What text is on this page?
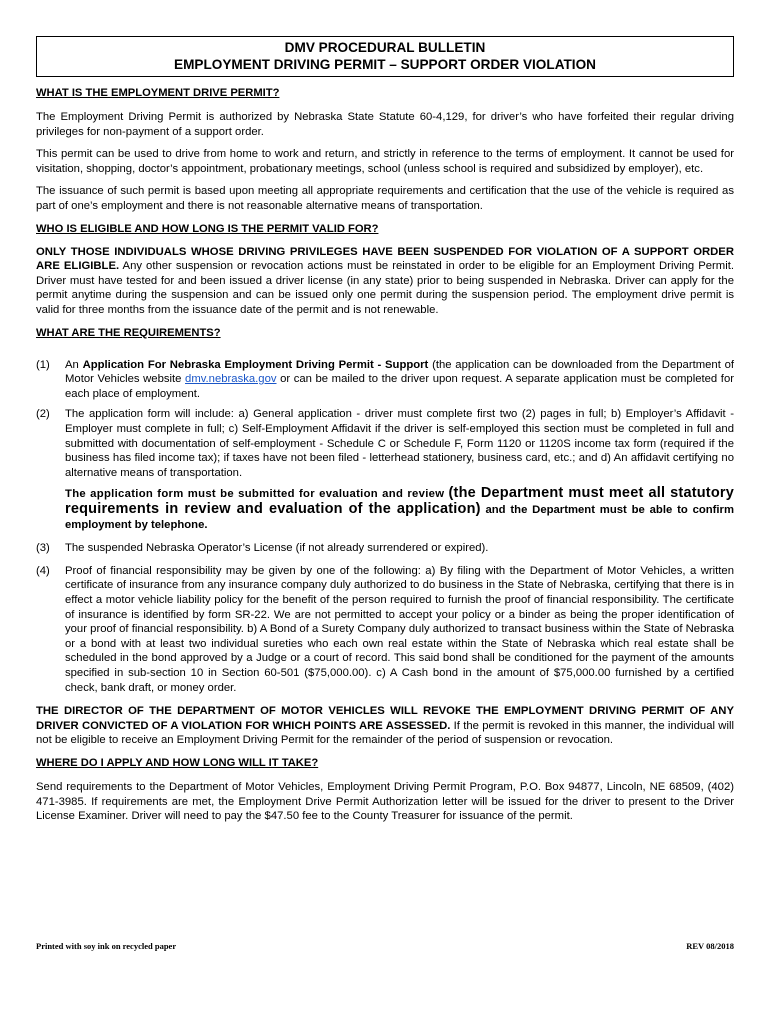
DMV PROCEDURAL BULLETIN
EMPLOYMENT DRIVING PERMIT – SUPPORT ORDER VIOLATION
WHAT IS THE EMPLOYMENT DRIVE PERMIT?

The Employment Driving Permit is authorized by Nebraska State Statute 60-4,129, for driver’s who have forfeited their regular driving privileges for non-payment of a support order.

This permit can be used to drive from home to work and return, and strictly in reference to the terms of employment. It cannot be used for visitation, shopping, doctor’s appointment, probationary meetings, school (unless school is required and subsidized by employer), etc.

The issuance of such permit is based upon meeting all appropriate requirements and certification that the use of the vehicle is required as part of one’s employment and there is not reasonable alternative means of transportation.

WHO IS ELIGIBLE AND HOW LONG IS THE PERMIT VALID FOR?

ONLY THOSE INDIVIDUALS WHOSE DRIVING PRIVILEGES HAVE BEEN SUSPENDED FOR VIOLATION OF A SUPPORT ORDER ARE ELIGIBLE. Any other suspension or revocation actions must be reinstated in order to be eligible for an Employment Driving Permit. Driver must have tested for and been issued a driver license (in any state) prior to being suspended in Nebraska. Driver can apply for the permit anytime during the suspension and can be issued only one permit during the suspension period. The employment drive permit is valid for three months from the issuance date of the permit and is not renewable.

WHAT ARE THE REQUIREMENTS?
(1) An Application For Nebraska Employment Driving Permit - Support (the application can be downloaded from the Department of Motor Vehicles website dmv.nebraska.gov or can be mailed to the driver upon request. A separate application must be completed for each place of employment.

(2) The application form will include: a) General application - driver must complete first two (2) pages in full; b) Employer’s Affidavit - Employer must complete in full; c) Self-Employment Affidavit if the driver is self-employed this section must be completed in full and submitted with documentation of self-employment - Schedule C or Schedule F, Form 1120 or 1120S income tax form (required if the business has filed income tax); if taxes have not been filed - letterhead stationery, business card, etc.; and d) An affidavit certifying no alternative means of transportation.

The application form must be submitted for evaluation and review (the Department must meet all statutory requirements in review and evaluation of the application) and the Department must be able to confirm employment by telephone.

(3) The suspended Nebraska Operator’s License (if not already surrendered or expired).

(4) Proof of financial responsibility may be given by one of the following: a) By filing with the Department of Motor Vehicles, a written certificate of insurance from any insurance company duly authorized to do business in the State of Nebraska, certifying that there is in effect a motor vehicle liability policy for the benefit of the person required to furnish the proof of financial responsibility. The certificate of insurance is identified by form SR-22. We are not permitted to accept your policy or a binder as being the proper identification of your proof of financial responsibility. b) A Bond of a Surety Company duly authorized to transact business within the State of Nebraska or a bond with at least two individual sureties who each own real estate within the State of Nebraska which real estate shall be scheduled in the bond approved by a Judge or a court of record. This said bond shall be conditioned for the payment of the amounts specified in sub-section 10 in Section 60-501 ($75,000.00). c) A Cash bond in the amount of $75,000.00 furnished by a certified check, bank draft, or money order.

THE DIRECTOR OF THE DEPARTMENT OF MOTOR VEHICLES WILL REVOKE THE EMPLOYMENT DRIVING PERMIT OF ANY DRIVER CONVICTED OF A VIOLATION FOR WHICH POINTS ARE ASSESSED. If the permit is revoked in this manner, the individual will not be eligible to receive an Employment Driving Permit for the remainder of the period of suspension or revocation.

WHERE DO I APPLY AND HOW LONG WILL IT TAKE?

Send requirements to the Department of Motor Vehicles, Employment Driving Permit Program, P.O. Box 94877, Lincoln, NE 68509, (402) 471-3985. If requirements are met, the Employment Drive Permit Authorization letter will be issued for the driver to present to the Driver License Examiner. Driver will need to pay the $47.50 fee to the County Treasurer for issuance of the permit.

Printed with soy ink on recycled paper	REV 08/2018
